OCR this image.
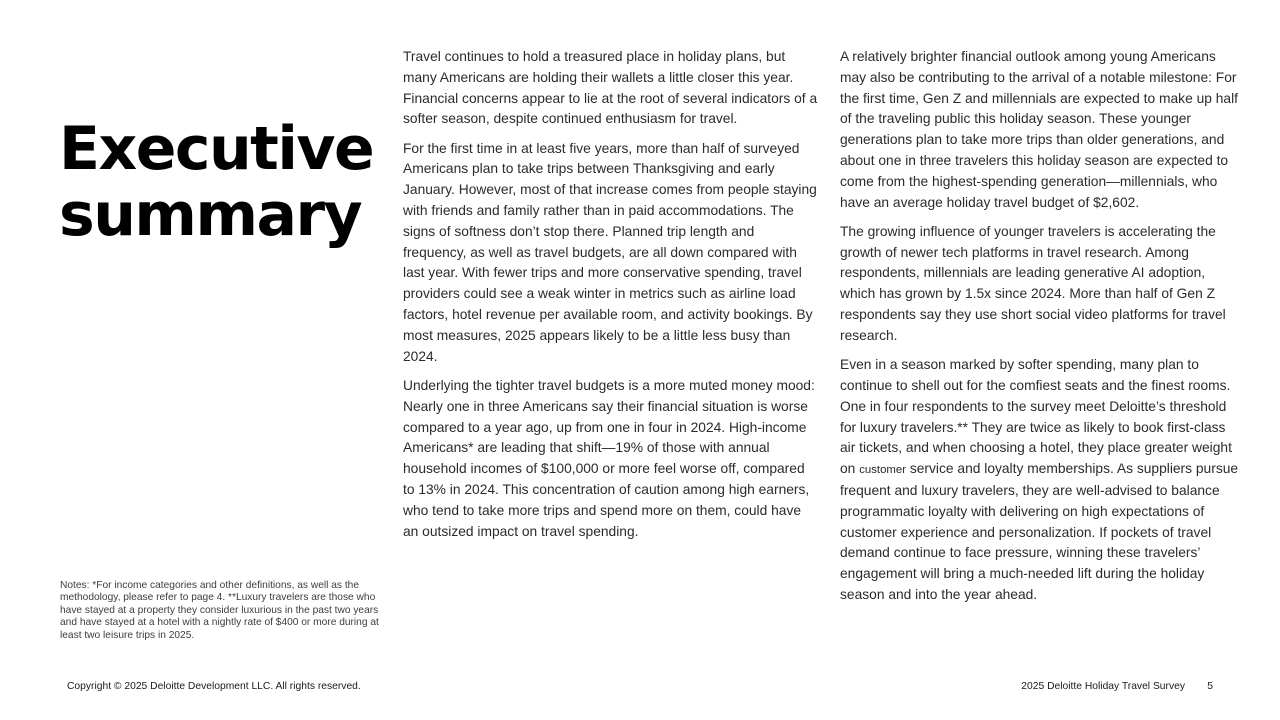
Executive summary

Travel continues to hold a treasured place in holiday plans, but many Americans are holding their wallets a little closer this year. Financial concerns appear to lie at the root of several indicators of a softer season, despite continued enthusiasm for travel.

For the first time in at least five years, more than half of surveyed Americans plan to take trips between Thanksgiving and early January. However, most of that increase comes from people staying with friends and family rather than in paid accommodations. The signs of softness don’t stop there. Planned trip length and frequency, as well as travel budgets, are all down compared with last year. With fewer trips and more conservative spending, travel providers could see a weak winter in metrics such as airline load factors, hotel revenue per available room, and activity bookings. By most measures, 2025 appears likely to be a little less busy than 2024.

Underlying the tighter travel budgets is a more muted money mood: Nearly one in three Americans say their financial situation is worse compared to a year ago, up from one in four in 2024. High-income Americans* are leading that shift—19% of those with annual household incomes of $100,000 or more feel worse off, compared to 13% in 2024. This concentration of caution among high earners, who tend to take more trips and spend more on them, could have an outsized impact on travel spending.

A relatively brighter financial outlook among young Americans may also be contributing to the arrival of a notable milestone: For the first time, Gen Z and millennials are expected to make up half of the traveling public this holiday season. These younger generations plan to take more trips than older generations, and about one in three travelers this holiday season are expected to come from the highest-spending generation—millennials, who have an average holiday travel budget of $2,602.

The growing influence of younger travelers is accelerating the growth of newer tech platforms in travel research. Among respondents, millennials are leading generative AI adoption, which has grown by 1.5x since 2024. More than half of Gen Z respondents say they use short social video platforms for travel research.

Even in a season marked by softer spending, many plan to continue to shell out for the comfiest seats and the finest rooms. One in four respondents to the survey meet Deloitte’s threshold for luxury travelers.** They are twice as likely to book first-class air tickets, and when choosing a hotel, they place greater weight on customer service and loyalty memberships. As suppliers pursue frequent and luxury travelers, they are well-advised to balance programmatic loyalty with delivering on high expectations of customer experience and personalization. If pockets of travel demand continue to face pressure, winning these travelers’ engagement will bring a much-needed lift during the holiday season and into the year ahead.

Notes: *For income categories and other definitions, as well as the methodology, please refer to page 4. **Luxury travelers are those who have stayed at a property they consider luxurious in the past two years and have stayed at a hotel with a nightly rate of $400 or more during at least two leisure trips in 2025.
Copyright © 2025 Deloitte Development LLC. All rights reserved.	2025 Deloitte Holiday Travel Survey 5
